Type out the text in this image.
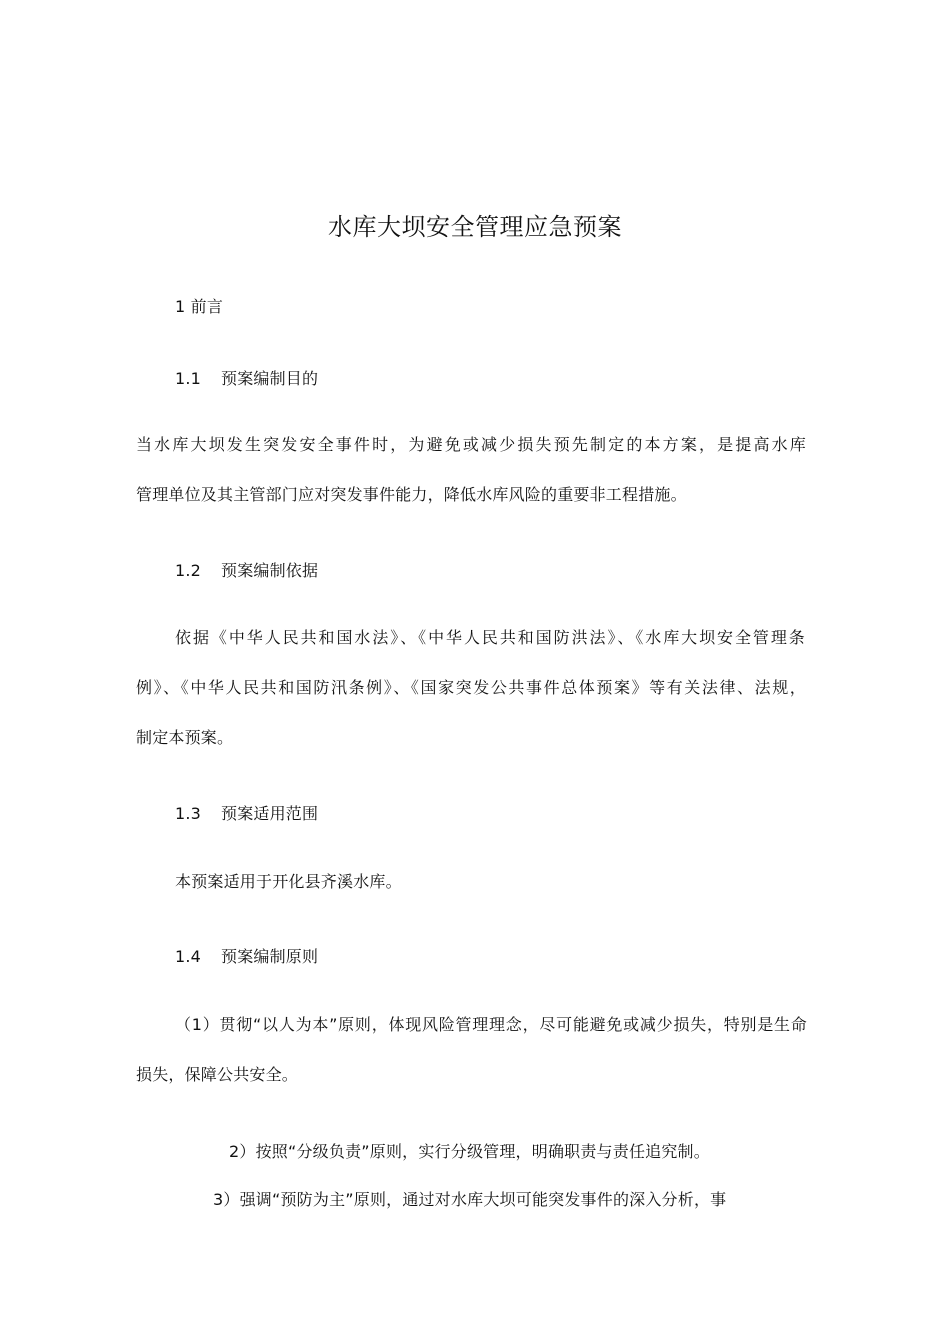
水库大坝安全管理应急预案
1 前言
1.1 预案编制目的
当水库大坝发生突发安全事件时，为避免或减少损失预先制定的本方案，是提高水库
管理单位及其主管部门应对突发事件能力，降低水库风险的重要非工程措施。
1.2 预案编制依据
依据《中华人民共和国水法》、《中华人民共和国防洪法》、《水库大坝安全管理条
例》、《中华人民共和国防汛条例》、《国家突发公共事件总体预案》等有关法律、法规，
制定本预案。
1.3 预案适用范围
本预案适用于开化县齐溪水库。
1.4 预案编制原则
（1）贯彻“以人为本”原则，体现风险管理理念，尽可能避免或减少损失，特别是生命
损失，保障公共安全。
2）按照“分级负责”原则，实行分级管理，明确职责与责任追究制。
3）强调“预防为主”原则，通过对水库大坝可能突发事件的深入分析，事
